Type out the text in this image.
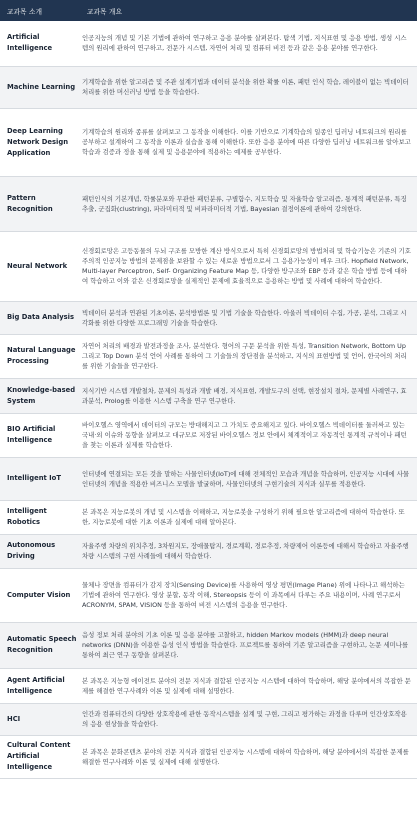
교과목 소개	교과목 개요
Artificial Intelligence	인공지능의 개념 및 기본 기법에 관하여 연구하고 응용 분야를 살펴본다. 탐색 기법, 지식표현 및 응용 방법, 생성 시스템의 원리에 관하여 연구하고, 전문가 시스템, 자연어 처리 및 컴퓨터 비전 등과 같은 응용 분야를 연구한다.
Machine Learning	기계학습을 위한 알고리즘 및 주관 설계기법과 데이터 분석을 위한 확률 이론, 패턴 인식 학습, 레이블이 없는 빅데이터 처리를 위한 머신러닝 방법 등을 학습한다.
Deep Learning Network Design Application	기계학습의 원리와 종류를 살펴보고 그 동작을 이해한다. 이를 기반으로 기계학습의 일종인 딥러닝 네트워크의 원리를 공부하고 설계하여 그 동작을 이론과 실습을 통해 이해한다. 또한 응용 분야에 따른 다양한 딥러닝 네트워크를 알아보고 학습과 검증과 정을 통해 실제 및 응용문야에 적용하는 예제를 공부한다.
Pattern Recognition	패턴인식의 기본개념, 학률분포와 무관한 패턴분류, 구별함수, 지도학습 및 자율학습 알고리즘, 통계적 패턴분류, 특징추출, 군집화(clustring), 파라미터적 및 비파라미터적 기법, Bayesian 결정이론에 관하여 강의한다.
Neural Network	신경회로망은 고등동물의 두뇌 구조를 모방한 계산 방식으로서 특히 신경회로망의 방법처리 및 학습기능은 기존의 기호주의적 인공지능 방법의 문제점을 보완할 수 있는 새로운 방법으로서 그 응용가능성이 매우 크다. Hopfield Network, Multi-layer Perceptron, Self- Organizing Feature Map 등, 다양한 방구조와 EBP 등과 같은 학습 방법 등에 대하여 학습하고 이와 같은 신경회로망을 실제적인 문제에 효율적으로 응용하는 방법 및 사례에 대하여 학습한다.
Big Data Analysis	빅데이터 분석과 연관된 기초이론, 분석방법론 및 기법 기술을 학습한다. 아울러 빅데이터 수집, 가공, 분석, 그리고 시각화를 위한 다양한 프로그래밍 기술을 학습한다.
Natural Language Processing	자연어 처리의 배경과 발전과정을 조사, 분석한다. 형어의 구문 분석을 위한 특성, Transition Network, Bottom Up 그리고 Top Down 분석 언어 사례를 통하여 그 기술들의 장단점을 분석하고, 지식의 표현방법 및 언어, 한국어의 처리를 위한 기술들을 연구한다.
Knowledge-based System	지식기반 시스템 개발철차, 문제의 특성과 개발 배경, 지식표현, 개발도구의 선택, 현장설치 절차, 문제별 사례연구, 효과분석, Prolog를 이용한 시스템 구축을 연구 연구한다.
BIO Artificial Intelligence	바이오헬스 영역에서 데이터의 규모는 방대해지고 그 가치도 증요해지고 있다. 바이오헬스 빅데이터를 둘러싸고 있는 국내·외 이슈와 동향을 살펴보고 대규모로 저장된 바이오헬스 정보 안에서 체계적이고 자동적인 통계적 규칙이나 패턴을 찾는 이론과 실제를 학습한다.
Intelligent IoT	인터넷에 연결되는 모든 것을 말하는 사물인터넷(IoT)에 대해 전체적인 모습과 개념을 학습하며, 인공지능 시대에 사물인터넷의 개념을 적용한 비즈니스 모델을 발굴하며, 사물인터넷의 구현기술의 지식과 실무를 적용한다.
Intelligent Robotics	본 과목은 지능로봇의 개념 및 시스템을 이해하고, 지능로봇을 구성하기 위해 필요한 알고리즘에 대하여 학습한다. 또한, 지능로봇에 대한 기초 이론과 실제에 대해 알아본다.
Autonomous Driving	자율주행 차량의 위치추정, 3차원지도, 장애물탐지, 경로계획, 경로추정, 차량제어 이론등에 대해서 학습하고 자율주행차량 시스템의 구현 사례들에 대해서 학습한다.
Computer Vision	물체나 장면을 컴퓨터가 감지 장치(Sensing Device)를 사용하여 영상 평면(Image Plane) 위에 나타나고 해석하는 기법에 관하여 연구한다. 영상 분할, 동작 이해, Stereopsis 등이 이 과목에서 다루는 주요 내용이며, 사례 연구로서 ACRONYM, SPAM, VISION 등을 통하여 비전 시스템의 응용을 연구한다.
Automatic Speech Recognition	음성 정보 처리 분야의 기초 이론 및 응용 분야를 고찰하고, hidden Markov models (HMM)과 deep neural networks (DNN)을 이용한 음성 인식 방법을 학습한다. 프로젝트를 통하여 기존 알고리즘을 구현하고, 논문 세미나를 통하여 최근 연구 동향을 살펴본다.
Agent Artificial Intelligence	본 과목은 지능형 에이전트 분야의 전문 지식과 결합된 인공지능 시스템에 대하여 학습하며, 해당 분야에서의 복잡한 문제를 해결한 연구사례와 이론 및 실제에 대해 설명한다.
HCI	인간과 컴퓨터간의 다양한 상호작용에 관한 동작시스템을 설계 및 구현, 그리고 평가하는 과정을 다루며 인간상호작용의 응용 현상들을 학습한다.
Cultural Content Artificial Intelligence	본 과목은 문화콘텐츠 분야의 전문 지식과 결합된 인공지능 시스템에 대하여 학습하며, 해당 분야에서의 복잡한 문제를 해결한 연구사례와 이론 및 실제에 대해 설명한다.
